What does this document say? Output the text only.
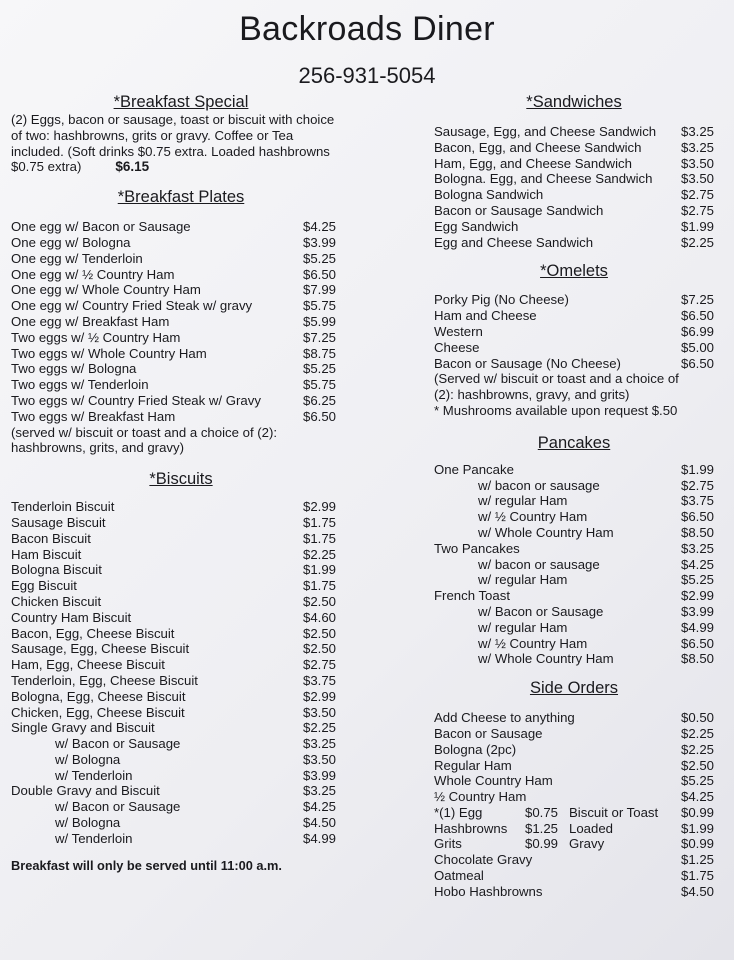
Backroads Diner
256-931-5054
*Breakfast Special
(2) Eggs, bacon or sausage, toast or biscuit with choice
of two: hashbrowns, grits or gravy. Coffee or Tea
included. (Soft drinks $0.75 extra. Loaded hashbrowns
$0.75 extra)	$6.15
*Breakfast Plates
One egg w/ Bacon or Sausage	$4.25
One egg w/ Bologna	$3.99
One egg w/ Tenderloin	$5.25
One egg w/ ½ Country Ham	$6.50
One egg w/ Whole Country Ham	$7.99
One egg w/ Country Fried Steak w/ gravy	$5.75
One egg w/ Breakfast Ham	$5.99
Two eggs w/ ½ Country Ham	$7.25
Two eggs w/ Whole Country Ham	$8.75
Two eggs w/ Bologna	$5.25
Two eggs w/ Tenderloin	$5.75
Two eggs w/ Country Fried Steak w/ Gravy	$6.25
Two eggs w/ Breakfast Ham	$6.50
(served w/ biscuit or toast and a choice of (2):
hashbrowns, grits, and gravy)
*Biscuits
Tenderloin Biscuit	$2.99
Sausage Biscuit	$1.75
Bacon Biscuit	$1.75
Ham Biscuit	$2.25
Bologna Biscuit	$1.99
Egg Biscuit	$1.75
Chicken Biscuit	$2.50
Country Ham Biscuit	$4.60
Bacon, Egg, Cheese Biscuit	$2.50
Sausage, Egg, Cheese Biscuit	$2.50
Ham, Egg, Cheese Biscuit	$2.75
Tenderloin, Egg, Cheese Biscuit	$3.75
Bologna, Egg, Cheese Biscuit	$2.99
Chicken, Egg, Cheese Biscuit	$3.50
Single Gravy and Biscuit	$2.25
w/ Bacon or Sausage	$3.25
w/ Bologna	$3.50
w/ Tenderloin	$3.99
Double Gravy and Biscuit	$3.25
w/ Bacon or Sausage	$4.25
w/ Bologna	$4.50
w/ Tenderloin	$4.99
Breakfast will only be served until 11:00 a.m.
*Sandwiches
Sausage, Egg, and Cheese Sandwich $3.25
Bacon, Egg, and Cheese Sandwich	$3.25
Ham, Egg, and Cheese Sandwich	$3.50
Bologna. Egg, and Cheese Sandwich $3.50
Bologna Sandwich	$2.75
Bacon or Sausage Sandwich	$2.75
Egg Sandwich	$1.99
Egg and Cheese Sandwich	$2.25
*Omelets
Porky Pig (No Cheese)	$7.25
Ham and Cheese	$6.50
Western	$6.99
Cheese	$5.00
Bacon or Sausage (No Cheese)	$6.50
(Served w/ biscuit or toast and a choice of
(2): hashbrowns, gravy, and grits)
* Mushrooms available upon request $.50
Pancakes
One Pancake	$1.99
w/ bacon or sausage	$2.75
w/ regular Ham	$3.75
w/ ½ Country Ham	$6.50
w/ Whole Country Ham	$8.50
Two Pancakes	$3.25
w/ bacon or sausage	$4.25
w/ regular Ham	$5.25
French Toast	$2.99
w/ Bacon or Sausage	$3.99
w/ regular Ham	$4.99
w/ ½ Country Ham	$6.50
w/ Whole Country Ham	$8.50
Side Orders
Add Cheese to anything	$0.50
Bacon or Sausage	$2.25
Bologna (2pc)	$2.25
Regular Ham	$2.50
Whole Country Ham	$5.25
½ Country Ham	$4.25
*(1) Egg	$0.75 Biscuit or Toast	$0.99
Hashbrowns	$1.25 Loaded	$1.99
Grits	$0.99 Gravy	$0.99
Chocolate Gravy	$1.25
Oatmeal	$1.75
Hobo Hashbrowns	$4.50
